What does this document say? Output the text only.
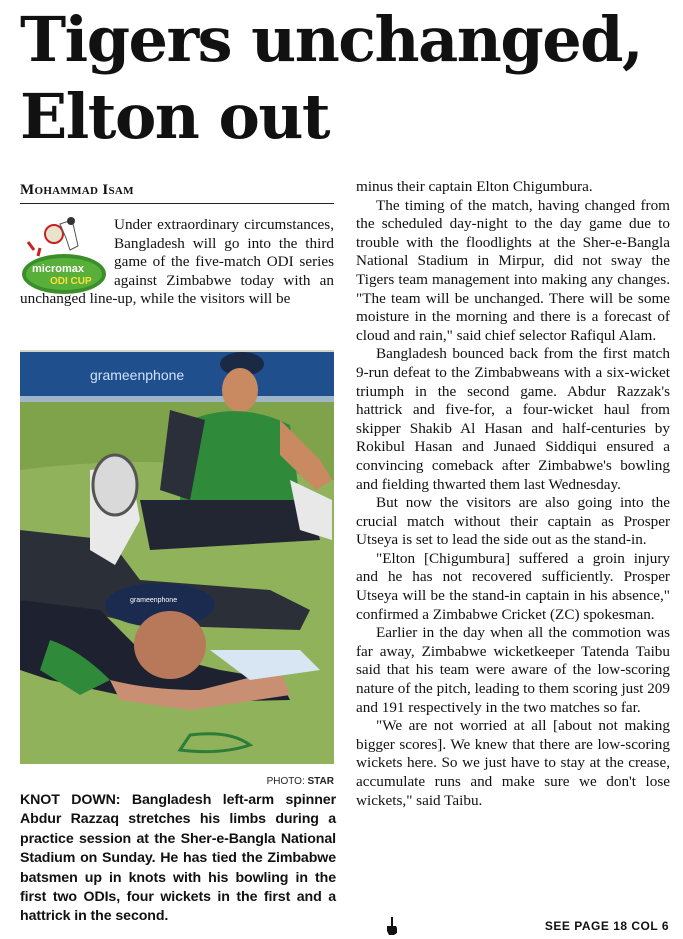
Tigers unchanged, Elton out
Mohammad Isam
micromax
ODI CUP

Under extraordinary circumstances, Bangladesh will go into the third game of the five-match ODI series against Zimbabwe today with an unchanged line-up, while the visitors will be

grameenphone
grameenphone
PHOTO: STAR
KNOT DOWN: Bangladesh left-arm spinner Abdur Razzaq stretches his limbs during a practice session at the Sher-e-Bangla National Stadium on Sunday. He has tied the Zimbabwe batsmen up in knots with his bowling in the first two ODIs, four wickets in the first and a hattrick in the second.

minus their captain Elton Chigumbura.

The timing of the match, having changed from the scheduled day-night to the day game due to trouble with the floodlights at the Sher-e-Bangla National Stadium in Mirpur, did not sway the Tigers team management into making any changes. "The team will be unchanged. There will be some moisture in the morning and there is a forecast of cloud and rain," said chief selector Rafiqul Alam.

Bangladesh bounced back from the first match 9-run defeat to the Zimbabweans with a six-wicket triumph in the second game. Abdur Razzak's hattrick and five-for, a four-wicket haul from skipper Shakib Al Hasan and half-centuries by Rokibul Hasan and Junaed Siddiqui ensured a convincing comeback after Zimbabwe's bowling and fielding thwarted them last Wednesday.

But now the visitors are also going into the crucial match without their captain as Prosper Utseya is set to lead the side out as the stand-in.

"Elton [Chigumbura] suffered a groin injury and he has not recovered sufficiently. Prosper Utseya will be the stand-in captain in his absence," confirmed a Zimbabwe Cricket (ZC) spokesman.

Earlier in the day when all the commotion was far away, Zimbabwe wicketkeeper Tatenda Taibu said that his team were aware of the low-scoring nature of the pitch, leading to them scoring just 209 and 191 respectively in the two matches so far.

"We are not worried at all [about not making bigger scores]. We knew that there are low-scoring wickets here. So we just have to stay at the crease, accumulate runs and make sure we don't lose wickets," said Taibu.

SEE PAGE 18 COL 6
